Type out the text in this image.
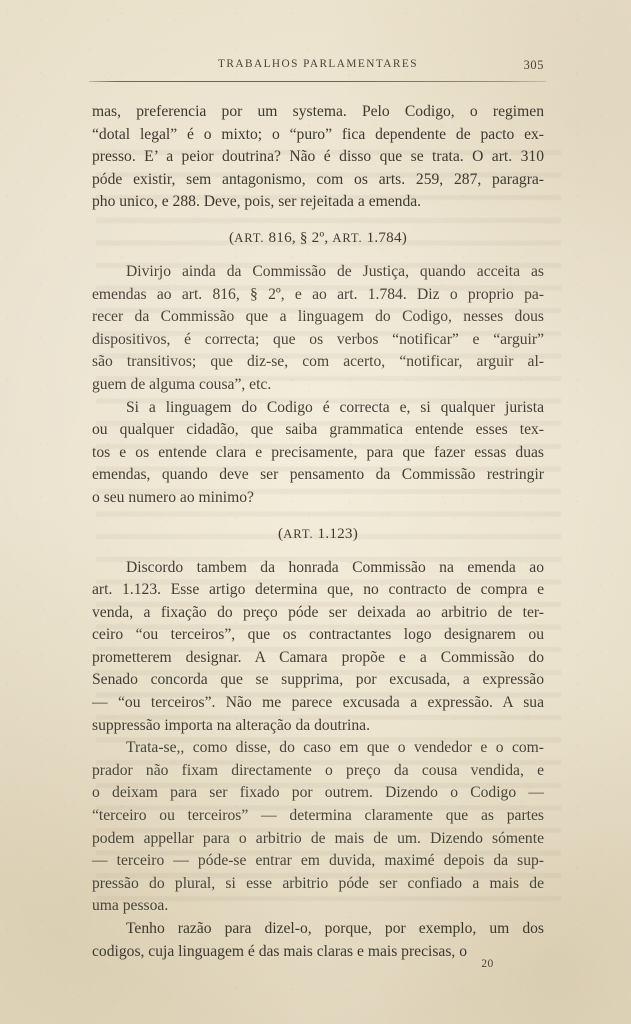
TRABALHOS PARLAMENTARES	305

mas, preferencia por um systema. Pelo Codigo, o regimen
“dotal legal” é o mixto; o “puro” fica dependente de pacto ex-
presso. E’ a peior doutrina? Não é disso que se trata. O art. 310
póde existir, sem antagonismo, com os arts. 259, 287, paragra-
pho unico, e 288. Deve, pois, ser rejeitada a emenda.

(ART. 816, § 2º, ART. 1.784)

Divirjo ainda da Commissão de Justiça, quando acceita as
emendas ao art. 816, § 2º, e ao art. 1.784. Diz o proprio pa-
recer da Commissão que a linguagem do Codigo, nesses dous
dispositivos, é correcta; que os verbos “notificar” e “arguir”
são transitivos; que diz-se, com acerto, “notificar, arguir al-
guem de alguma cousa”, etc.

Si a linguagem do Codigo é correcta e, si qualquer jurista
ou qualquer cidadão, que saiba grammatica entende esses tex-
tos e os entende clara e precisamente, para que fazer essas duas
emendas, quando deve ser pensamento da Commissão restringir
o seu numero ao minimo?

(ART. 1.123)

Discordo tambem da honrada Commissão na emenda ao
art. 1.123. Esse artigo determina que, no contracto de compra e
venda, a fixação do preço póde ser deixada ao arbitrio de ter-
ceiro “ou terceiros”, que os contractantes logo designarem ou
prometterem designar. A Camara propõe e a Commissão do
Senado concorda que se supprima, por excusada, a expressão
— “ou terceiros”. Não me parece excusada a expressão. A sua
suppressão importa na alteração da doutrina.

Trata-se,, como disse, do caso em que o vendedor e o com-
prador não fixam directamente o preço da cousa vendida, e
o deixam para ser fixado por outrem. Dizendo o Codigo —
“terceiro ou terceiros” — determina claramente que as partes
podem appellar para o arbitrio de mais de um. Dizendo sómente
— terceiro — póde-se entrar em duvida, maximé depois da sup-
pressão do plural, si esse arbitrio póde ser confiado a mais de
uma pessoa.

Tenho razão para dizel-o, porque, por exemplo, um dos
codigos, cuja linguagem é das mais claras e mais precisas, o

20
